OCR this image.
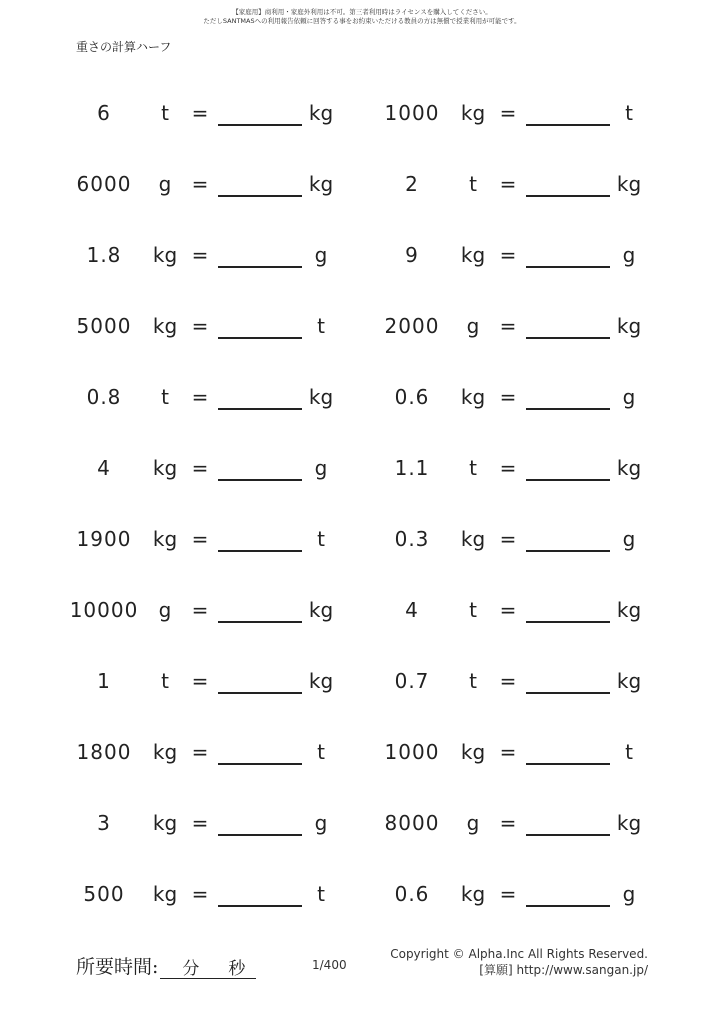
【家庭用】商利用・家庭外利用は不可。第三者利用時はライセンスを購入してください。
ただしSANTMASへの利用報告依頼に回答する事をお約束いただける教員の方は無償で授業利用が可能です。
重さの計算ハーフ
6	t	=	kg	1000	kg =	t
6000	g	=	kg	2	t	=	kg
1.8	kg =	g	9	kg =	g
5000	kg =	t	2000	g	=	kg
0.8	t	=	kg	0.6	kg =	g
4	kg =	g	1.1	t	=	kg
1900	kg =	t	0.3	kg =	g
10000	g	=	kg	4	t	=	kg
1	t	=	kg	0.7	t	=	kg
1800	kg =	t	1000	kg =	t
3	kg =	g	8000	g	=	kg
500	kg =	t	0.6	kg =	g
所要時間: 分 秒	1/400
Copyright © Alpha.Inc All Rights Reserved.
[算願] http://www.sangan.jp/
